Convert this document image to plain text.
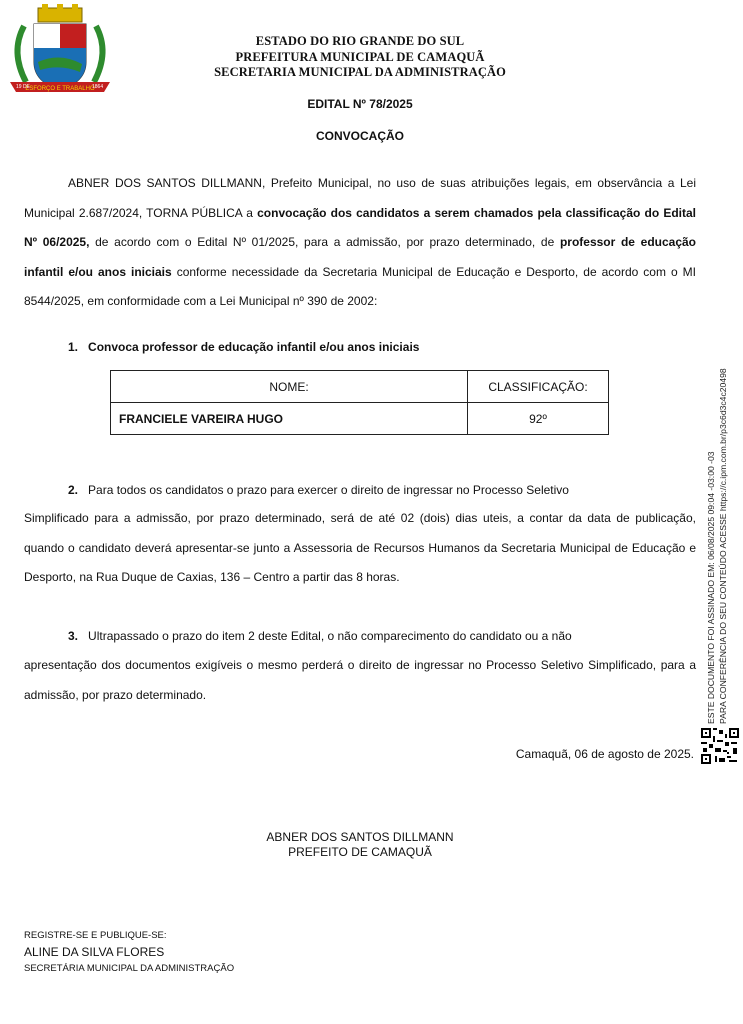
ESFORÇO E TRABALHO
19 DE	1864
ESTADO DO RIO GRANDE DO SUL
PREFEITURA MUNICIPAL DE CAMAQUÃ
SECRETARIA MUNICIPAL DA ADMINISTRAÇÃO
EDITAL Nº 78/2025
CONVOCAÇÃO

ABNER DOS SANTOS DILLMANN, Prefeito Municipal, no uso de suas atribuições legais, em observância a Lei Municipal 2.687/2024, TORNA PÚBLICA a convocação dos candidatos a serem chamados pela classificação do Edital Nº 06/2025, de acordo com o Edital Nº 01/2025, para a admissão, por prazo determinado, de professor de educação infantil e/ou anos iniciais conforme necessidade da Secretaria Municipal de Educação e Desporto, de acordo com o MI 8544/2025, em conformidade com a Lei Municipal nº 390 de 2002:

1. Convoca professor de educação infantil e/ou anos iniciais
NOME:	CLASSIFICAÇÃO:
FRANCIELE VAREIRA HUGO	92º
2. Para todos os candidatos o prazo para exercer o direito de ingressar no Processo Seletivo

Simplificado para a admissão, por prazo determinado, será de até 02 (dois) dias uteis, a contar da data de publicação, quando o candidato deverá apresentar-se junto a Assessoria de Recursos Humanos da Secretaria Municipal de Educação e Desporto, na Rua Duque de Caxias, 136 – Centro a partir das 8 horas.

3. Ultrapassado o prazo do item 2 deste Edital, o não comparecimento do candidato ou a não

apresentação dos documentos exigíveis o mesmo perderá o direito de ingressar no Processo Seletivo Simplificado, para a admissão, por prazo determinado.

Camaquã, 06 de agosto de 2025.
ABNER DOS SANTOS DILLMANN
PREFEITO DE CAMAQUÃ
REGISTRE-SE E PUBLIQUE-SE:
ALINE DA SILVA FLORES
SECRETÁRIA MUNICIPAL DA ADMINISTRAÇÃO
ESTE DOCUMENTO FOI ASSINADO EM: 06/08/2025 09:04 -03:00 -03 PARA CONFERÊNCIA DO SEU CONTEÚDO ACESSE https://c.ipm.com.br/p3c6d3c4c20498
